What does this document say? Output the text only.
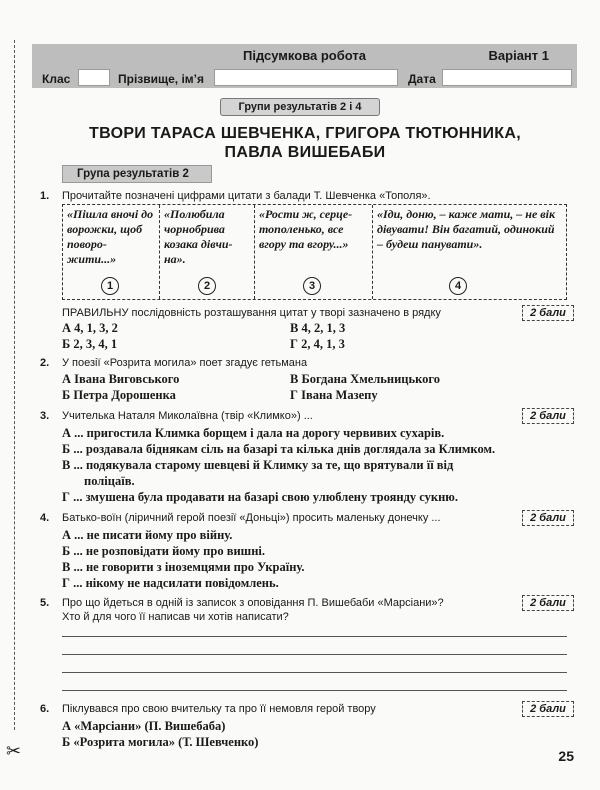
✂
Підсумкова робота	Варіант 1
Клас	Прізвище, ім’я	Дата
Групи результатів 2 і 4
ТВОРИ ТАРАСА ШЕВЧЕНКА, ГРИГОРА ТЮТЮННИКА,
ПАВЛА ВИШЕБАБИ
Група результатів 2
1. Прочитайте позначені цифрами цитати з балади Т. Шевченка «Тополя».
«Пішла вночі до ворожки, щоб поворо-жити...»
1
«Полюбила чорнобрива козака дівчи-на».
2
«Рости ж, серце-тополенько, все вгору та вгору...»
3
«Іди, доню, – каже мати, – не вік дівувати! Він багатий, одинокий – будеш панувати».
4
ПРАВИЛЬНУ послідовність розташування цитат у творі зазначено в рядку	2 бали
А 4, 1, 3, 2
Б 2, 3, 4, 1
В 4, 2, 1, 3
Г 2, 4, 1, 3
2. У поезії «Розрита могила» поет згадує гетьмана
А Івана Виговського
Б Петра Дорошенка
В Богдана Хмельницького
Г Івана Мазепу
3. Учителька Наталя Миколаївна (твір «Климко») ...	2 бали
А ... пригостила Климка борщем і дала на дорогу червивих сухарів.
Б ... роздавала біднякам сіль на базарі та кілька днів доглядала за Климком.
В ... подякувала старому шевцеві й Климку за те, що врятували її від
поліцаїв.
Г ... змушена була продавати на базарі свою улюблену троянду сукню.
4. Батько-воїн (ліричний герой поезії «Доньці») просить маленьку донечку ...	2 бали
А ... не писати йому про війну.
Б ... не розповідати йому про вишні.
В ... не говорити з іноземцями про Україну.
Г ... нікому не надсилати повідомлень.
5. Про що йдеться в одній із записок з оповідання П. Вишебаби «Марсіани»?
Хто й для чого її написав чи хотів написати?
2 бали
6. Піклувався про свою вчительку та про її немовля герой твору	2 бали
А «Марсіани» (П. Вишебаба)
Б «Розрита могила» (Т. Шевченко)
25
